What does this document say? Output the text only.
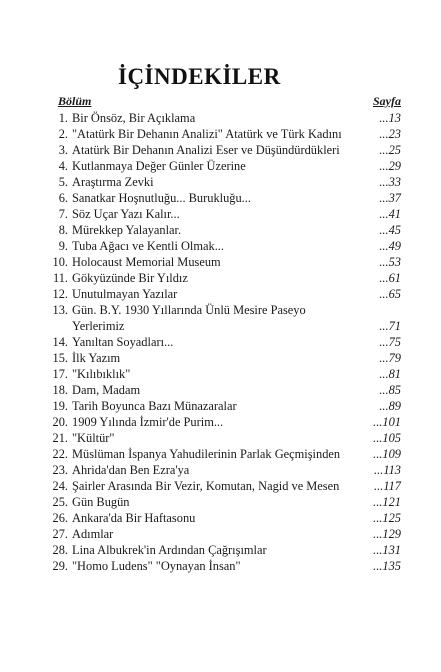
İÇİNDEKİLER
Bölüm	Sayfa
1. Bir Önsöz, Bir Açıklama	...13
2. "Atatürk Bir Dehanın Analizi" Atatürk ve Türk Kadını	...23
3. Atatürk Bir Dehanın Analizi Eser ve Düşündürdükleri	...25
4. Kutlanmaya Değer Günler Üzerine	...29
5. Araştırma Zevki	...33
6. Sanatkar Hoşnutluğu... Burukluğu...	...37
7. Söz Uçar Yazı Kalır...	...41
8. Mürekkep Yalayanlar.	...45
9. Tuba Ağacı ve Kentli Olmak...	...49
10. Holocaust Memorial Museum	...53
11. Gökyüzünde Bir Yıldız	...61
12. Unutulmayan Yazılar	...65
13. Gün. B.Y. 1930 Yıllarında Ünlü Mesire Paseyo
Yerlerimiz	...71
14. Yanıltan Soyadları...	...75
15. İlk Yazım	...79
17. "Kılıbıklık"	...81
18. Dam, Madam	...85
19. Tarih Boyunca Bazı Münazaralar	...89
20. 1909 Yılında İzmir'de Purim...	...101
21. "Kültür"	...105
22. Müslüman İspanya Yahudilerinin Parlak Geçmişinden	...109
23. Ahrida'dan Ben Ezra'ya	...113
24. Şairler Arasında Bir Vezir, Komutan, Nagid ve Mesen	...117
25. Gün Bugün	...121
26. Ankara'da Bir Haftasonu	...125
27. Adımlar	...129
28. Lina Albukrek'in Ardından Çağrışımlar	...131
29. "Homo Ludens" "Oynayan İnsan"	...135
